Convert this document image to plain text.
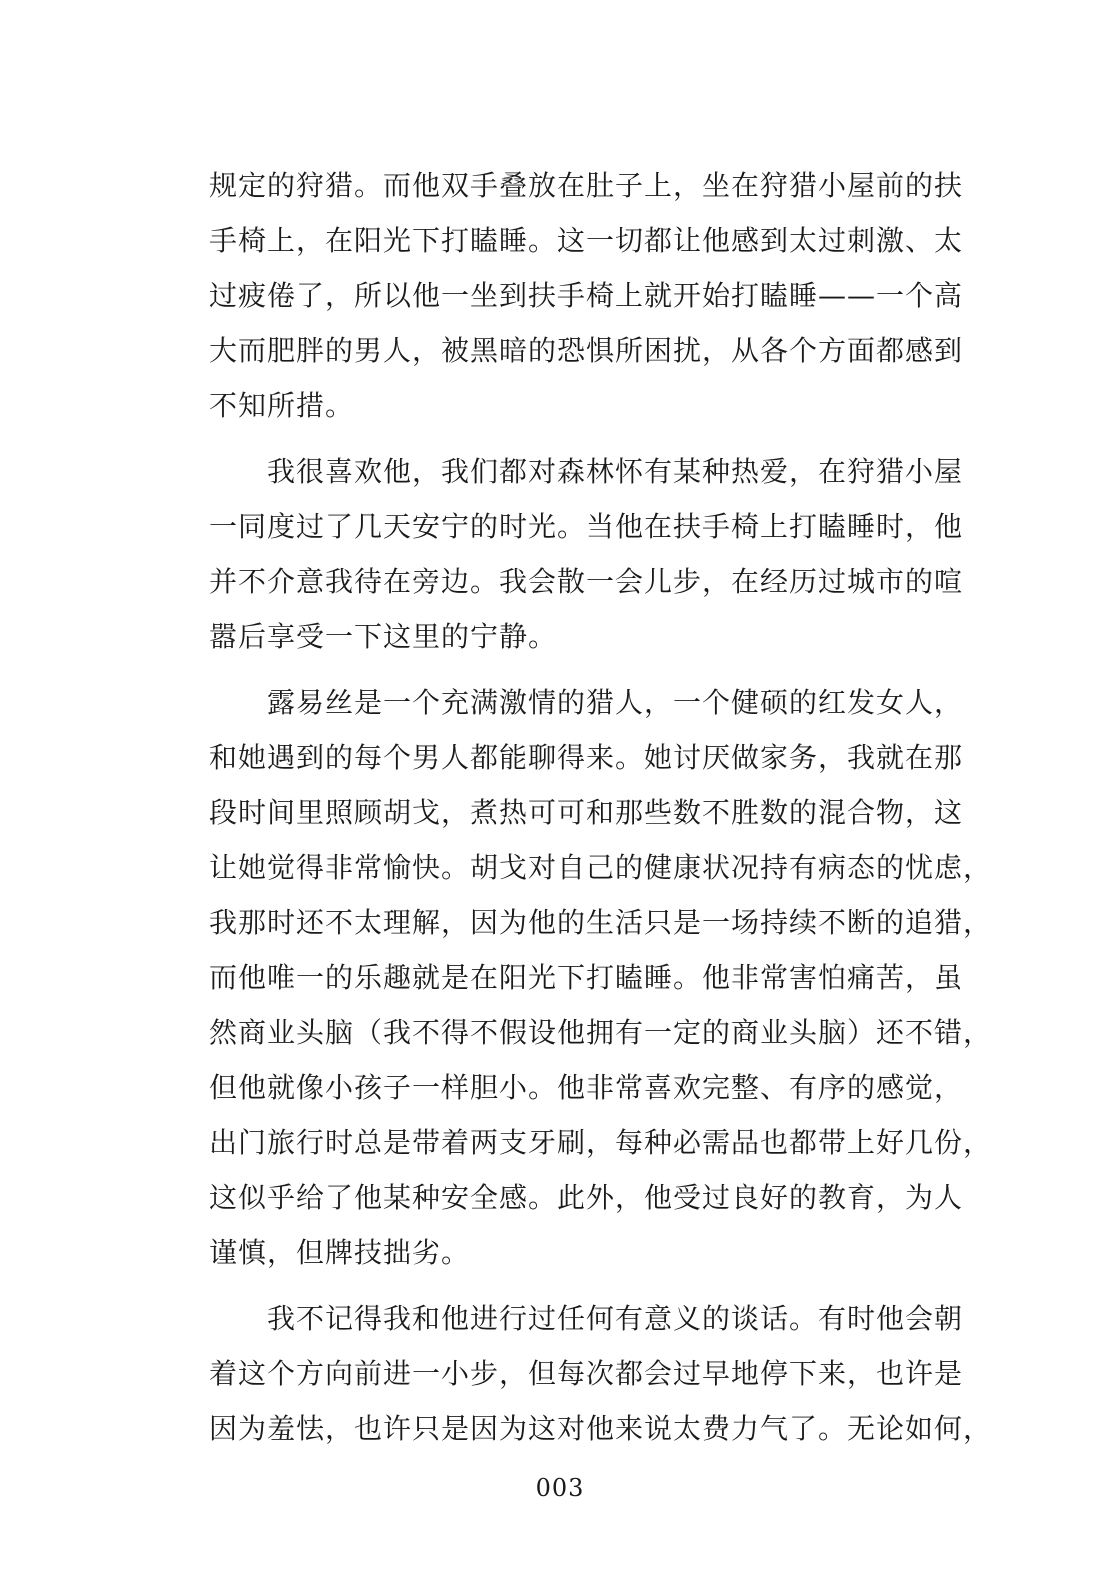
规定的狩猎。而他双手叠放在肚子上，坐在狩猎小屋前的扶
手椅上，在阳光下打瞌睡。这一切都让他感到太过刺激、太
过疲倦了，所以他一坐到扶手椅上就开始打瞌睡——一个高
大而肥胖的男人，被黑暗的恐惧所困扰，从各个方面都感到
不知所措。
　　我很喜欢他，我们都对森林怀有某种热爱，在狩猎小屋
一同度过了几天安宁的时光。当他在扶手椅上打瞌睡时，他
并不介意我待在旁边。我会散一会儿步，在经历过城市的喧
嚣后享受一下这里的宁静。
　　露易丝是一个充满激情的猎人，一个健硕的红发女人，
和她遇到的每个男人都能聊得来。她讨厌做家务，我就在那
段时间里照顾胡戈，煮热可可和那些数不胜数的混合物，这
让她觉得非常愉快。胡戈对自己的健康状况持有病态的忧虑，
我那时还不太理解，因为他的生活只是一场持续不断的追猎，
而他唯一的乐趣就是在阳光下打瞌睡。他非常害怕痛苦，虽
然商业头脑（我不得不假设他拥有一定的商业头脑）还不错，
但他就像小孩子一样胆小。他非常喜欢完整、有序的感觉，
出门旅行时总是带着两支牙刷，每种必需品也都带上好几份，
这似乎给了他某种安全感。此外，他受过良好的教育，为人
谨慎，但牌技拙劣。
　　我不记得我和他进行过任何有意义的谈话。有时他会朝
着这个方向前进一小步，但每次都会过早地停下来，也许是
因为羞怯，也许只是因为这对他来说太费力气了。无论如何，
003
